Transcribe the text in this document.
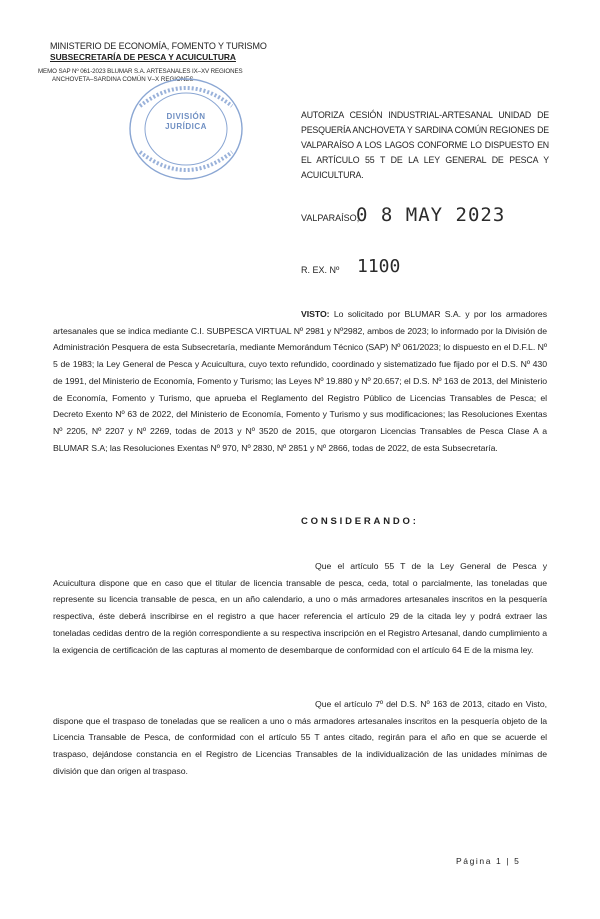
MINISTERIO DE ECONOMÍA, FOMENTO Y TURISMO
SUBSECRETARÍA DE PESCA Y ACUICULTURA
MEMO SAP Nº 061-2023 BLUMAR S.A. ARTESANALES IX–XV REGIONES
ANCHOVETA–SARDINA COMÚN V–X REGIONES
DIVISIÓN
JURÍDICA
AUTORIZA CESIÓN INDUSTRIAL-ARTESANAL UNIDAD DE PESQUERÍA ANCHOVETA Y SARDINA COMÚN REGIONES DE VALPARAÍSO A LOS LAGOS CONFORME LO DISPUESTO EN EL ARTÍCULO 55 T DE LA LEY GENERAL DE PESCA Y ACUICULTURA.
VALPARAÍSO,
0 8 MAY 2023
R. EX. Nº 1100
VISTO: Lo solicitado por BLUMAR S.A. y por los armadores artesanales que se indica mediante C.I. SUBPESCA VIRTUAL Nº 2981 y Nº2982, ambos de 2023; lo informado por la División de Administración Pesquera de esta Subsecretaría, mediante Memorándum Técnico (SAP) Nº 061/2023; lo dispuesto en el D.F.L. Nº 5 de 1983; la Ley General de Pesca y Acuicultura, cuyo texto refundido, coordinado y sistematizado fue fijado por el D.S. Nº 430 de 1991, del Ministerio de Economía, Fomento y Turismo; las Leyes Nº 19.880 y Nº 20.657; el D.S. Nº 163 de 2013, del Ministerio de Economía, Fomento y Turismo, que aprueba el Reglamento del Registro Público de Licencias Transables de Pesca; el Decreto Exento Nº 63 de 2022, del Ministerio de Economía, Fomento y Turismo y sus modificaciones; las Resoluciones Exentas Nº 2205, Nº 2207 y Nº 2269, todas de 2013 y Nº 3520 de 2015, que otorgaron Licencias Transables de Pesca Clase A a BLUMAR S.A; las Resoluciones Exentas Nº 970, Nº 2830, Nº 2851 y Nº 2866, todas de 2022, de esta Subsecretaría.
CONSIDERANDO:
Que el artículo 55 T de la Ley General de Pesca y Acuicultura dispone que en caso que el titular de licencia transable de pesca, ceda, total o parcialmente, las toneladas que represente su licencia transable de pesca, en un año calendario, a uno o más armadores artesanales inscritos en la pesquería respectiva, éste deberá inscribirse en el registro a que hacer referencia el artículo 29 de la citada ley y podrá extraer las toneladas cedidas dentro de la región correspondiente a su respectiva inscripción en el Registro Artesanal, dando cumplimiento a la exigencia de certificación de las capturas al momento de desembarque de conformidad con el artículo 64 E de la misma ley.
Que el artículo 7º del D.S. Nº 163 de 2013, citado en Visto, dispone que el traspaso de toneladas que se realicen a uno o más armadores artesanales inscritos en la pesquería objeto de la Licencia Transable de Pesca, de conformidad con el artículo 55 T antes citado, regirán para el año en que se acuerde el traspaso, dejándose constancia en el Registro de Licencias Transables de la individualización de las unidades mínimas de división que dan origen al traspaso.
Página 1 | 5
